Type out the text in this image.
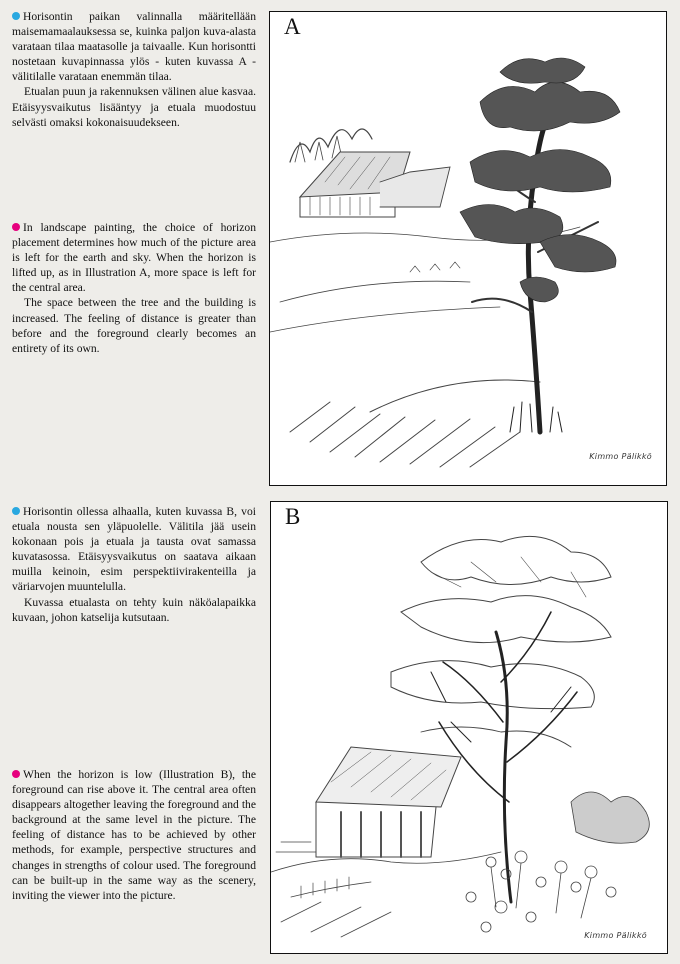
Horisontin paikan valinnalla määritellään maisemamaalauksessa se, kuinka paljon kuva-alasta varataan tilaa maatasolle ja taivaalle. Kun horisontti nostetaan kuvapinnassa ylös - kuten kuvassa A - välitilalle varataan enemmän tilaa.

Etualan puun ja rakennuksen välinen alue kasvaa. Etäisyysvaikutus lisääntyy ja etuala muodostuu selvästi omaksi kokonaisuudekseen.

In landscape painting, the choice of horizon placement determines how much of the picture area is left for the earth and sky. When the horizon is lifted up, as in Illustration A, more space is left for the central area.

The space between the tree and the building is increased. The feeling of distance is greater than before and the foreground clearly becomes an entirety of its own.

Horisontin ollessa alhaalla, kuten kuvassa B, voi etuala nousta sen yläpuolelle. Välitila jää usein kokonaan pois ja etuala ja tausta ovat samassa kuvatasossa. Etäisyysvaikutus on saatava aikaan muilla keinoin, esim perspektiivirakenteilla ja väriarvojen muuntelulla.

Kuvassa etualasta on tehty kuin näköalapaikka kuvaan, johon katselija kutsutaan.

When the horizon is low (Illustration B), the foreground can rise above it. The central area often disappears altogether leaving the foreground and the background at the same level in the picture. The feeling of distance has to be achieved by other methods, for example, perspective structures and changes in strengths of colour used. The foreground can be built-up in the same way as the scenery, inviting the viewer into the picture.

A
Kimmo Pälikkö
B
Kimmo Pälikkö
